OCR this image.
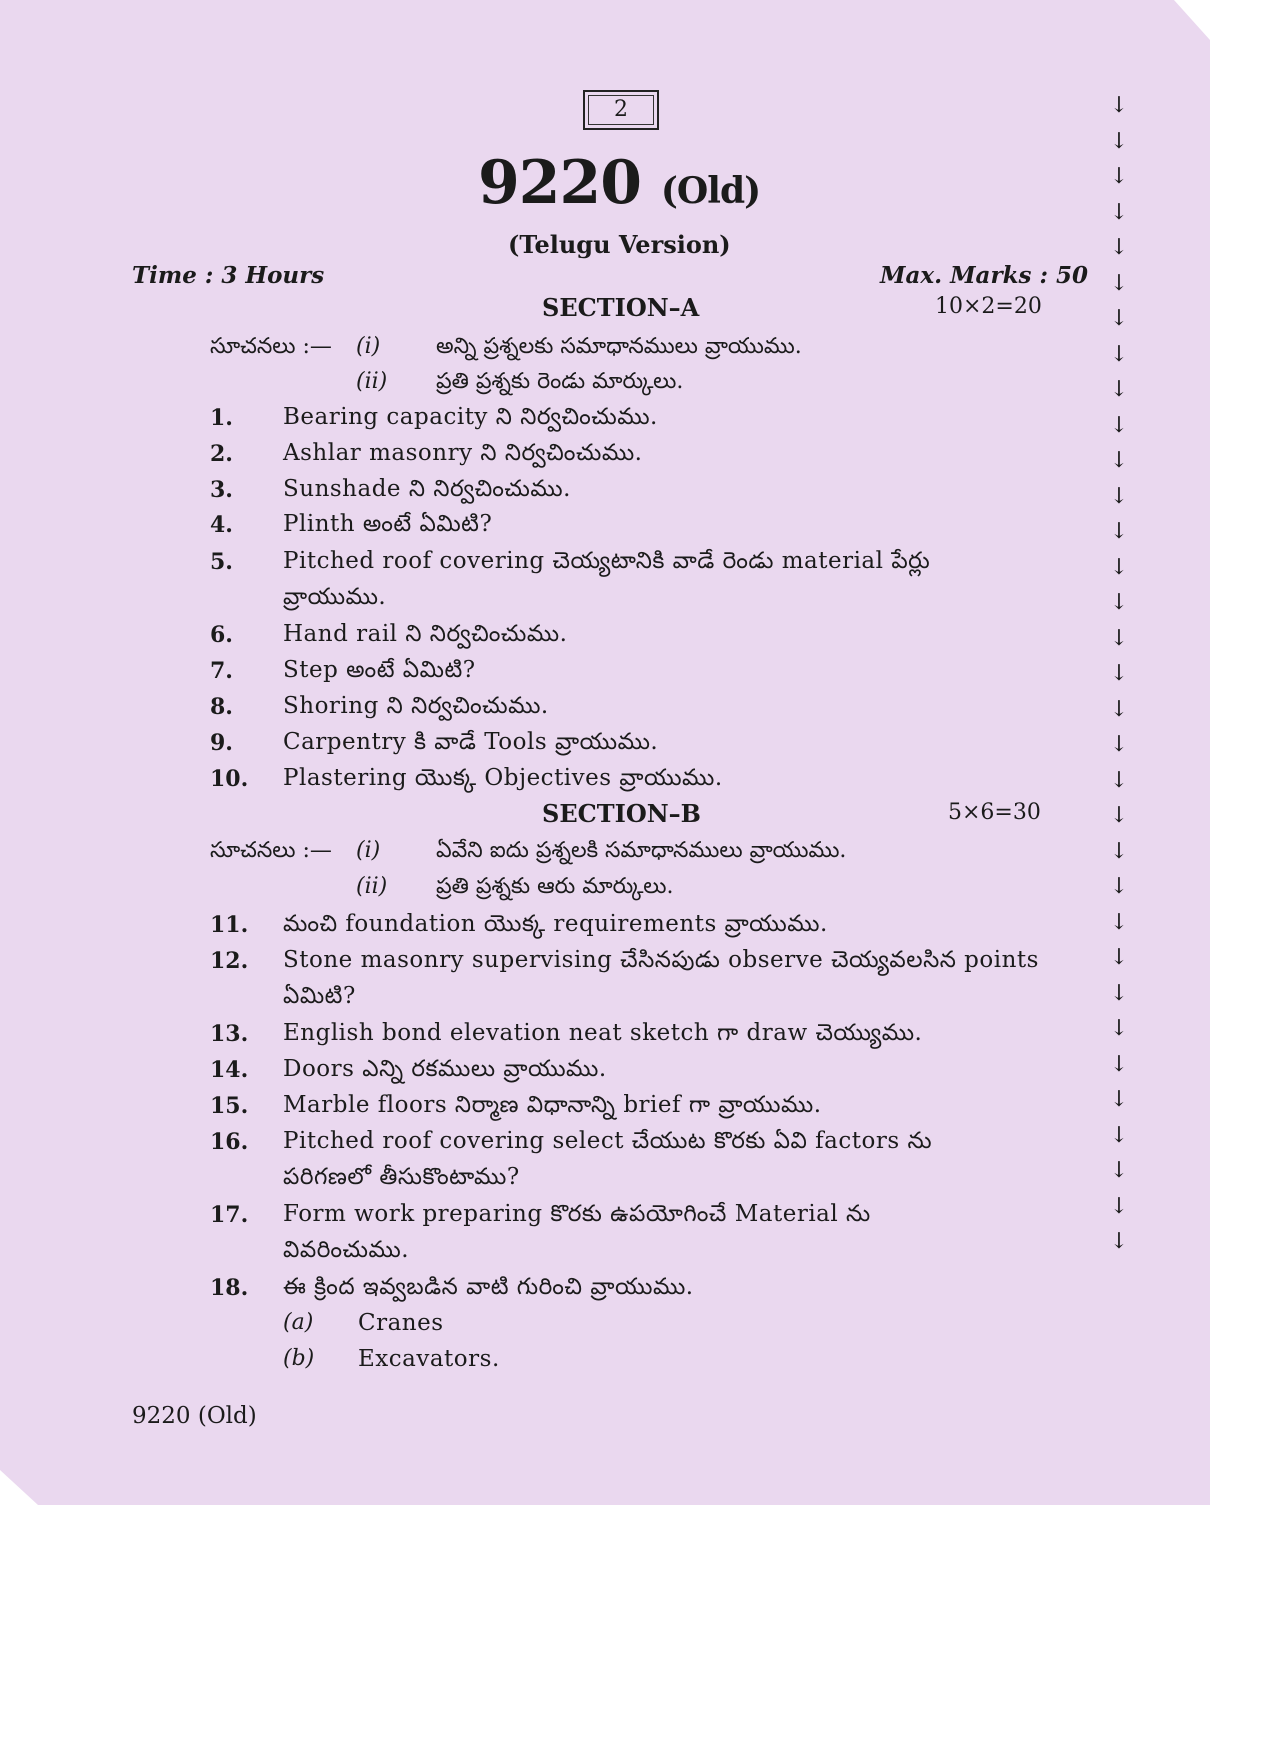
2
9220 (Old)
(Telugu Version)
Time : 3 Hours	Max. Marks : 50
SECTION–A	10×2=20
సూచనలు :— (i)	అన్ని ప్రశ్నలకు సమాధానములు వ్రాయుము.
(ii) ప్రతి ప్రశ్నకు రెండు మార్కులు.
1. Bearing capacity ని నిర్వచించుము.
2. Ashlar masonry ని నిర్వచించుము.
3. Sunshade ని నిర్వచించుము.
4. Plinth అంటే ఏమిటి?
5. Pitched roof covering చెయ్యటానికి వాడే రెండు material పేర్లు
వ్రాయుము.
6. Hand rail ని నిర్వచించుము.
7. Step అంటే ఏమిటి?
8. Shoring ని నిర్వచించుము.
9. Carpentry కి వాడే Tools వ్రాయుము.
10. Plastering యొక్క Objectives వ్రాయుము.
SECTION–B	5×6=30
సూచనలు :— (i)	ఏవేని ఐదు ప్రశ్నలకి సమాధానములు వ్రాయుము.
(ii) ప్రతి ప్రశ్నకు ఆరు మార్కులు.
11. మంచి foundation యొక్క requirements వ్రాయుము.
12. Stone masonry supervising చేసినపుడు observe చెయ్యవలసిన points
ఏమిటి?
13. English bond elevation neat sketch గా draw చెయ్యుము.
14. Doors ఎన్ని రకములు వ్రాయుము.
15. Marble floors నిర్మాణ విధానాన్ని brief గా వ్రాయుము.
16. Pitched roof covering select చేయుట కొరకు ఏవి factors ను
పరిగణలో తీసుకొంటాము?
17. Form work preparing కొరకు ఉపయోగించే Material ను
వివరించుము.
18. ఈ క్రింద ఇవ్వబడిన వాటి గురించి వ్రాయుము.
(a) Cranes
(b) Excavators.
9220 (Old)
↓
↓
↓
↓
↓
↓
↓
↓
↓
↓
↓
↓
↓
↓
↓
↓
↓
↓
↓
↓
↓
↓
↓
↓
↓
↓
↓
↓
↓
↓
↓
↓
↓
